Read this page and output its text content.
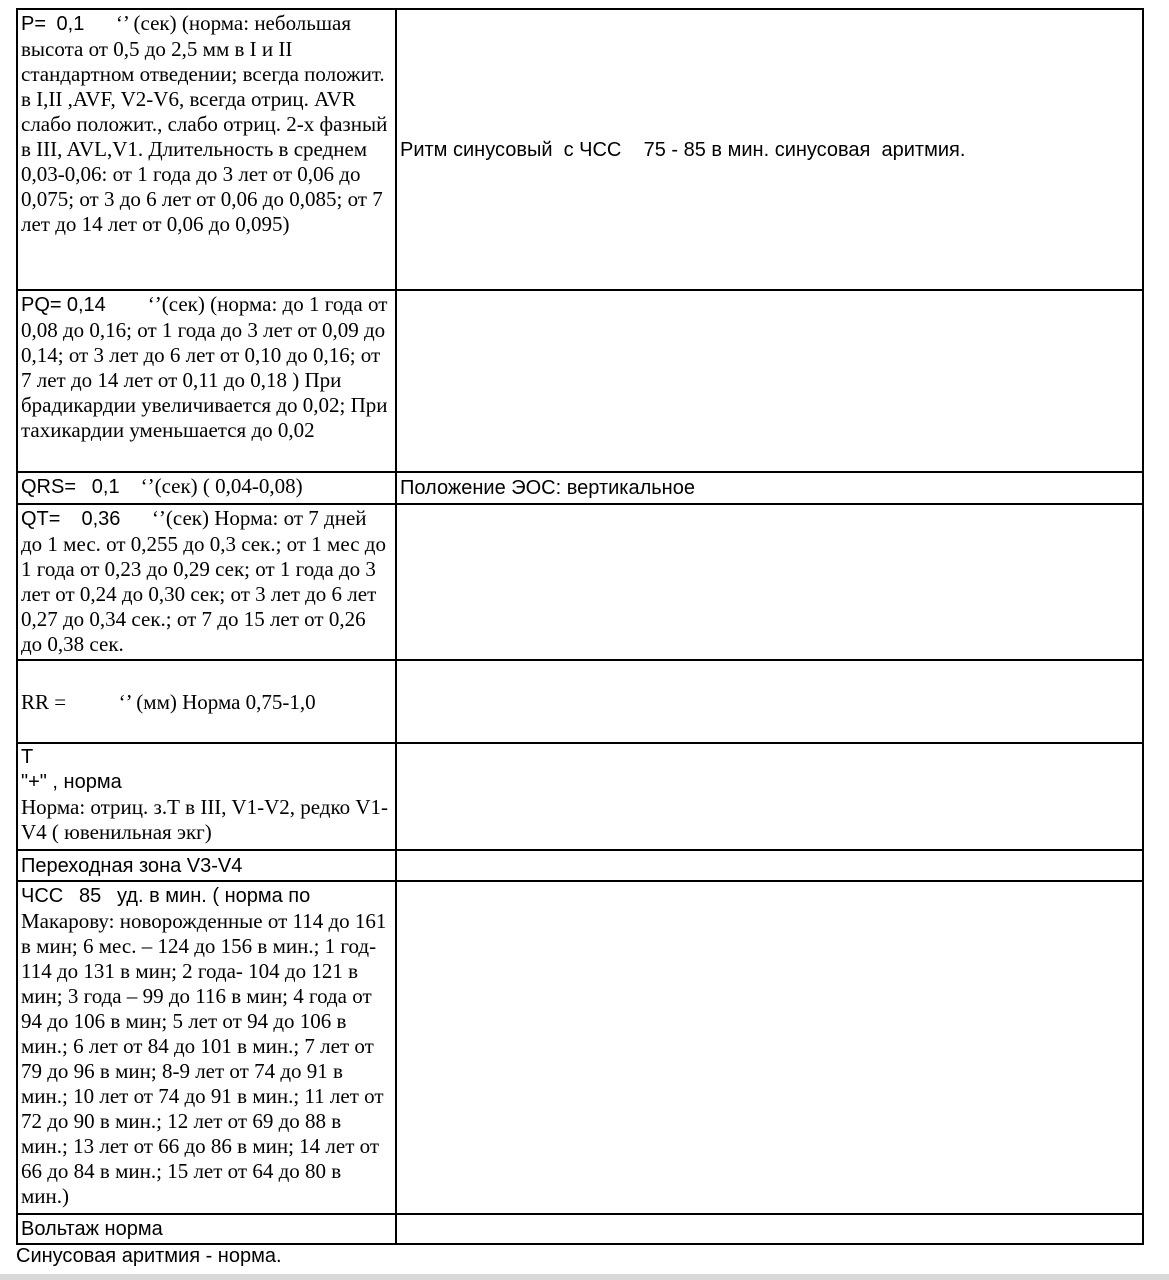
P= 0,1 ‘’ (сек) (норма: небольшая высота от 0,5 до 2,5 мм в I и II стандартном отведении; всегда положит. в I,II ,AVF, V2-V6, всегда отриц. AVR слабо положит., слабо отриц. 2-х фазный в III, AVL,V1. Длительность в среднем 0,03-0,06: от 1 года до 3 лет от 0,06 до 0,075; от 3 до 6 лет от 0,06 до 0,085; от 7 лет до 14 лет от 0,06 до 0,095)	Ритм синусовый  с ЧСС    75 - 85 в мин. синусовая  аритмия.

PQ= 0,14 ‘’(сек) (норма: до 1 года от 0,08 до 0,16; от 1 года до 3 лет от 0,09 до 0,14; от 3 лет до 6 лет от 0,10 до 0,16; от 7 лет до 14 лет от 0,11 до 0,18 ) При брадикардии увеличивается до 0,02; При тахикардии уменьшается до 0,02	

QRS= 0,1 ‘’(сек) ( 0,04-0,08)	Положение ЭОС: вертикальное

QT= 0,36 ‘’(сек) Норма: от 7 дней до 1 мес. от 0,255 до 0,3 сек.; от 1 мес до 1 года от 0,23 до 0,29 сек; от 1 года до 3 лет от 0,24 до 0,30 сек; от 3 лет до 6 лет 0,27 до 0,34 сек.; от 7 до 15 лет от 0,26 до 0,38 сек.	

RR = ‘’ (мм) Норма 0,75-1,0	

Т
"+" , норма
Норма: отриц. з.Т в III, V1-V2, редко V1-V4 ( ювенильная экг)	

Переходная зона V3-V4	

ЧСС 85 уд. в мин. ( норма по Макарову: новорожденные от 114 до 161 в мин; 6 мес. – 124 до 156 в мин.; 1 год- 114 до 131 в мин; 2 года- 104 до 121 в мин; 3 года – 99 до 116 в мин; 4 года от 94 до 106 в мин; 5 лет от 94 до 106 в мин.; 6 лет от 84 до 101 в мин.; 7 лет от 79 до 96 в мин; 8-9 лет от 74 до 91 в мин.; 10 лет от 74 до 91 в мин.; 11 лет от 72 до 90 в мин.; 12 лет от 69 до 88 в мин.; 13 лет от 66 до 86 в мин; 14 лет от 66 до 84 в мин.; 15 лет от 64 до 80 в мин.)	

Вольтаж норма	

Синусовая аритмия - норма.
